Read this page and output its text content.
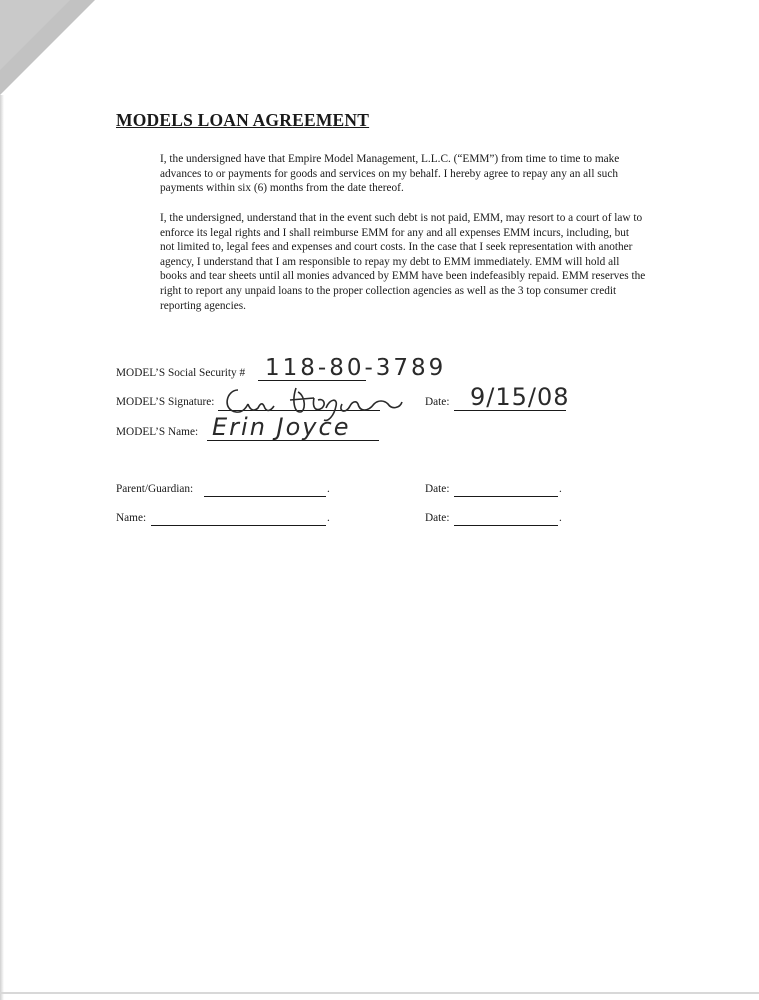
MODELS LOAN AGREEMENT
I, the undersigned have that Empire Model Management, L.L.C. (“EMM”) from time to time to make advances to or payments for goods and services on my behalf. I hereby agree to repay any an all such payments within six (6) months from the date thereof.
I, the undersigned, understand that in the event such debt is not paid, EMM, may resort to a court of law to enforce its legal rights and I shall reimburse EMM for any and all expenses EMM incurs, including, but not limited to, legal fees and expenses and court costs. In the case that I seek representation with another agency, I understand that I am responsible to repay my debt to EMM immediately. EMM will hold all books and tear sheets until all monies advanced by EMM have been indefeasibly repaid. EMM reserves the right to report any unpaid loans to the proper collection agencies as well as the 3 top consumer credit reporting agencies.
MODEL’S Social Security # 118-80-3789
MODEL’S Signature:	Date: 9/15/08
MODEL’S Name: Erin Joyce
Parent/Guardian:	.	Date:	.
Name:	.	Date:	.
